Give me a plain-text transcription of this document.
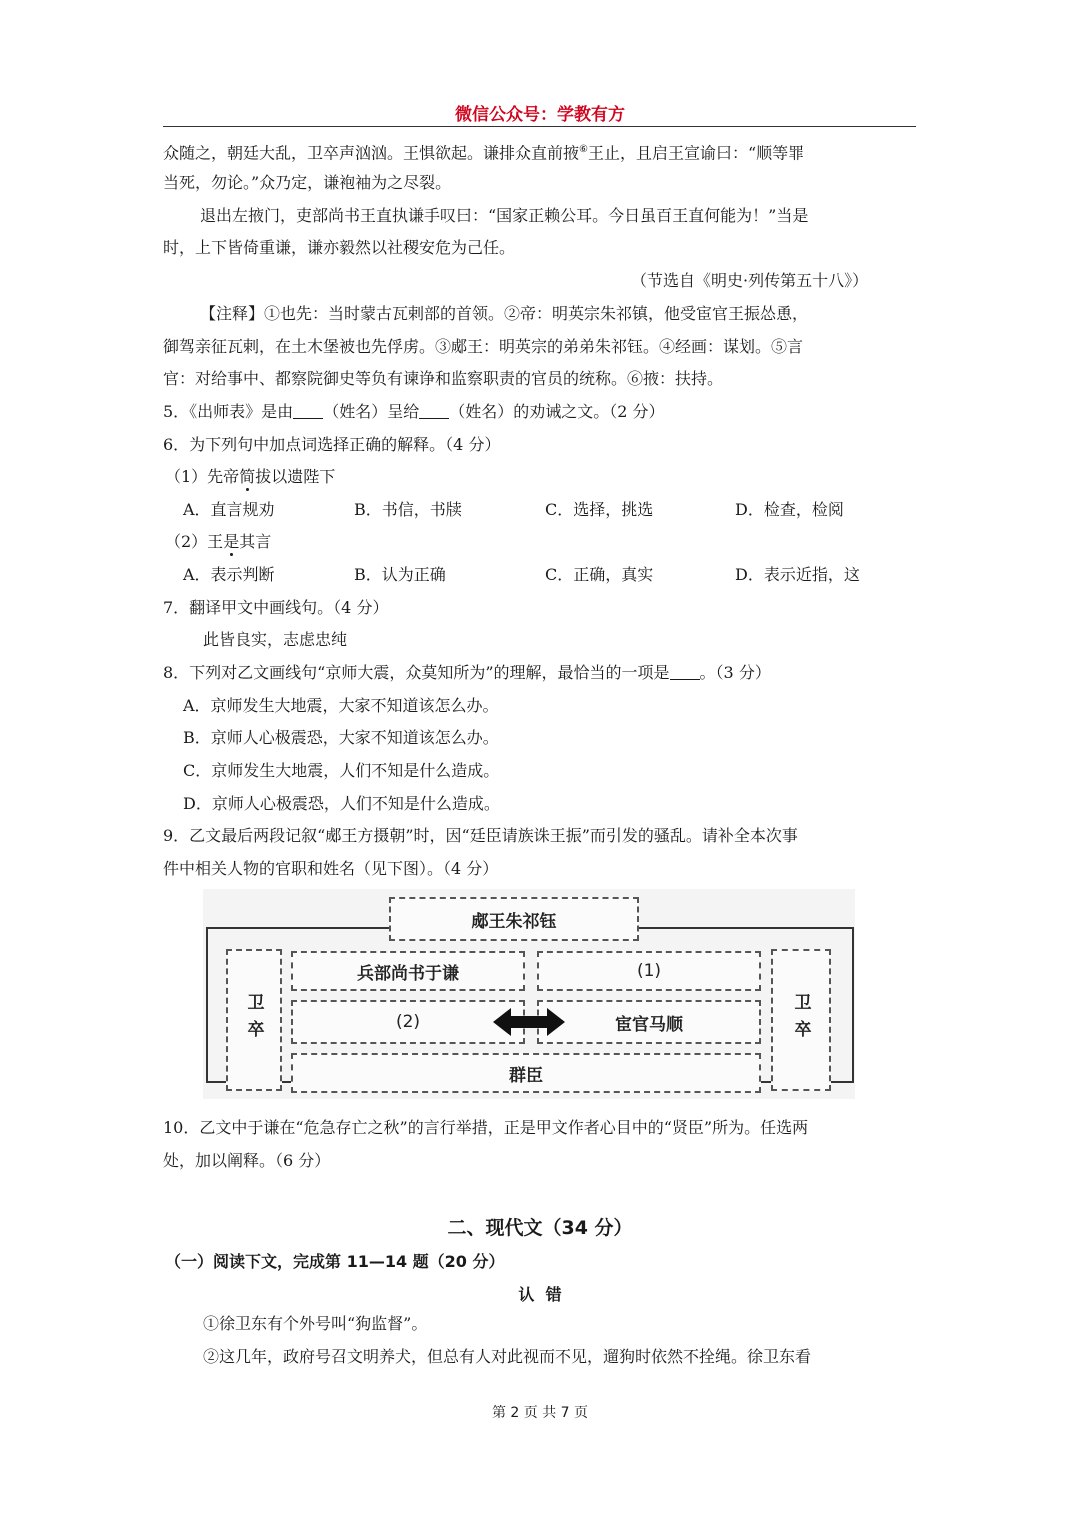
微信公众号：学教有方
众随之，朝廷大乱，卫卒声汹汹。王惧欲起。谦排众直前掖⑥王止，且启王宣谕曰：“顺等罪
当死，勿论。”众乃定，谦袍袖为之尽裂。
退出左掖门，吏部尚书王直执谦手叹曰：“国家正赖公耳。今日虽百王直何能为！”当是
时，上下皆倚重谦，谦亦毅然以社稷安危为己任。
（节选自《明史·列传第五十八》）
【注释】①也先：当时蒙古瓦剌部的首领。②帝：明英宗朱祁镇，他受宦官王振怂恿，
御驾亲征瓦剌，在土木堡被也先俘虏。③郕王：明英宗的弟弟朱祁钰。④经画：谋划。⑤言
官：对给事中、都察院御史等负有谏诤和监察职责的官员的统称。⑥掖：扶持。
5．《出师表》是由 （姓名）呈给 （姓名）的劝诫之文。（2 分）
6．为下列句中加点词选择正确的解释。（4 分）
（1）先帝简拔以遗陛下
A．直言规劝	B．书信，书牍	C．选择，挑选	D．检查，检阅
（2）王是其言
A．表示判断	B．认为正确	C．正确，真实	D．表示近指，这
7．翻译甲文中画线句。（4 分）
此皆良实，志虑忠纯
8．下列对乙文画线句“京师大震，众莫知所为”的理解，最恰当的一项是 。（3 分）
A．京师发生大地震，大家不知道该怎么办。
B．京师人心极震恐，大家不知道该怎么办。
C．京师发生大地震，人们不知是什么造成。
D．京师人心极震恐，人们不知是什么造成。
9．乙文最后两段记叙“郕王方摄朝”时，因“廷臣请族诛王振”而引发的骚乱。请补全本次事
件中相关人物的官职和姓名（见下图）。（4 分）
郕王朱祁钰
卫卒	卫卒
兵部尚书于谦	(1)
(2)	宦官马顺
群臣
10．乙文中于谦在“危急存亡之秋”的言行举措，正是甲文作者心目中的“贤臣”所为。任选两
处，加以阐释。（6 分）
二、现代文（34 分）
（一）阅读下文，完成第 11—14 题（20 分）
认  错
①徐卫东有个外号叫“狗监督”。
②这几年，政府号召文明养犬，但总有人对此视而不见，遛狗时依然不拴绳。徐卫东看
第 2 页 共 7 页
